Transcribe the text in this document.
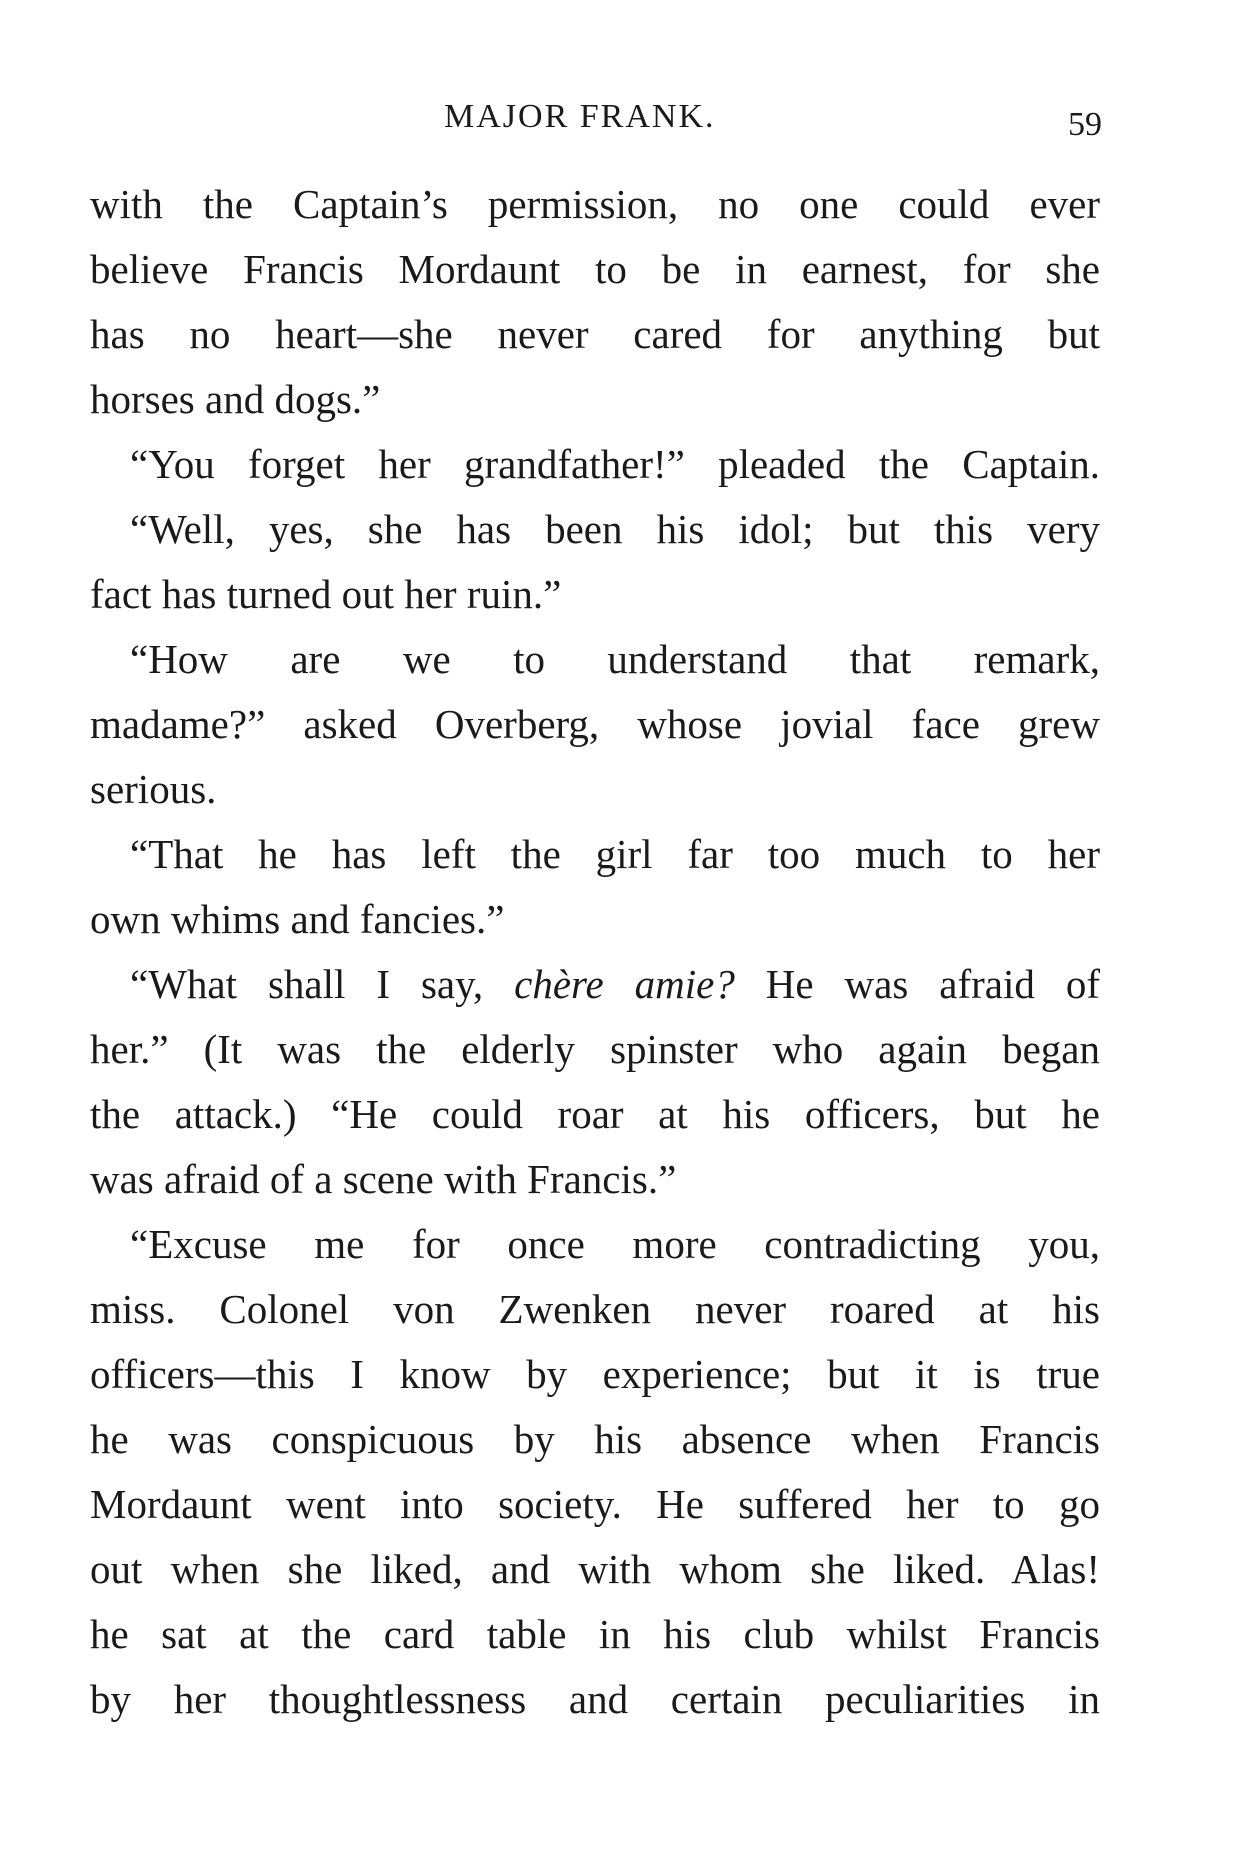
MAJOR FRANK.	59
with the Captain’s permission, no one could ever
believe Francis Mordaunt to be in earnest, for she
has no heart—she never cared for anything but
horses and dogs.”
“You forget her grandfather!” pleaded the Captain.
“Well, yes, she has been his idol; but this very
fact has turned out her ruin.”
“How are we to understand that remark,
madame?” asked Overberg, whose jovial face grew
serious.
“That he has left the girl far too much to her
own whims and fancies.”
“What shall I say, chère amie? He was afraid of
her.” (It was the elderly spinster who again began
the attack.) “He could roar at his officers, but he
was afraid of a scene with Francis.”
“Excuse me for once more contradicting you,
miss. Colonel von Zwenken never roared at his
officers—this I know by experience; but it is true
he was conspicuous by his absence when Francis
Mordaunt went into society. He suffered her to go
out when she liked, and with whom she liked. Alas!
he sat at the card table in his club whilst Francis
by her thoughtlessness and certain peculiarities in
